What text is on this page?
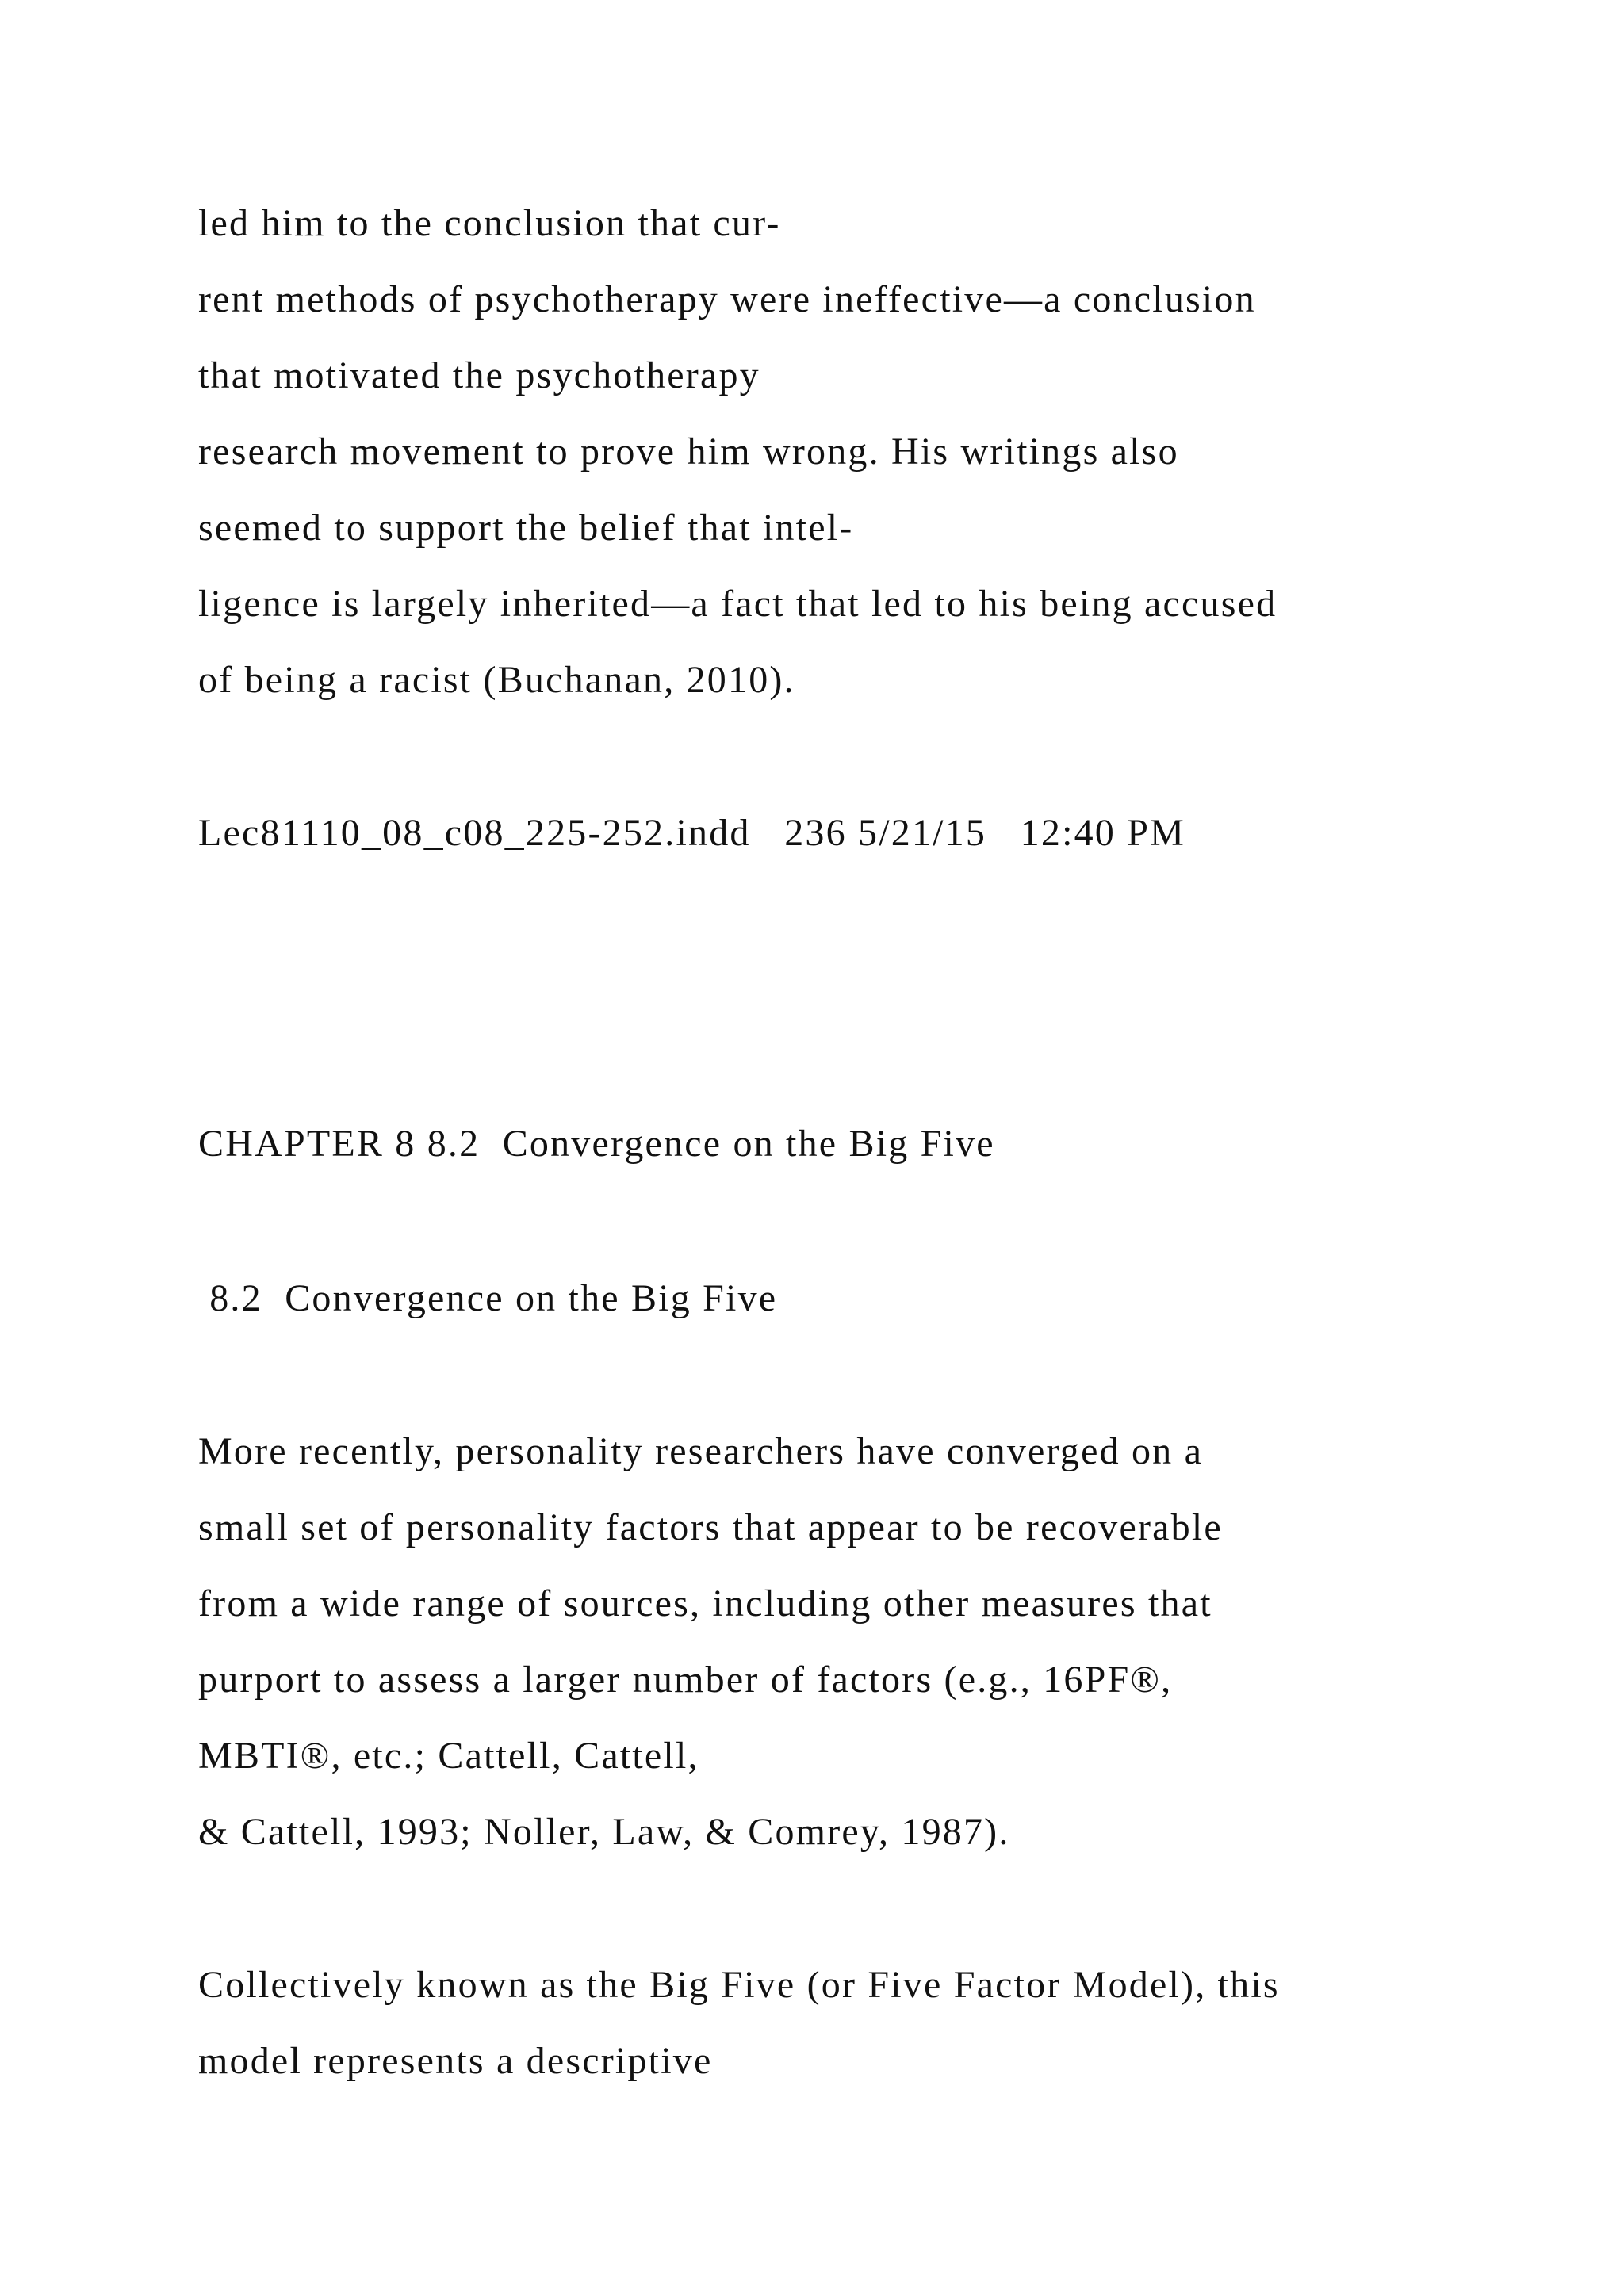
led him to the conclusion that cur-
rent methods of psychotherapy were ineffective—a conclusion
that motivated the psychotherapy
research movement to prove him wrong. His writings also
seemed to support the belief that intel-
ligence is largely inherited—a fact that led to his being accused
of being a racist (Buchanan, 2010).
Lec81110_08_c08_225-252.indd   236 5/21/15   12:40 PM
CHAPTER 8 8.2  Convergence on the Big Five
8.2  Convergence on the Big Five
More recently, personality researchers have converged on a
small set of personality factors that appear to be recoverable
from a wide range of sources, including other measures that
purport to assess a larger number of factors (e.g., 16PF®,
MBTI®, etc.; Cattell, Cattell,
& Cattell, 1993; Noller, Law, & Comrey, 1987).
Collectively known as the Big Five (or Five Factor Model), this
model represents a descriptive
